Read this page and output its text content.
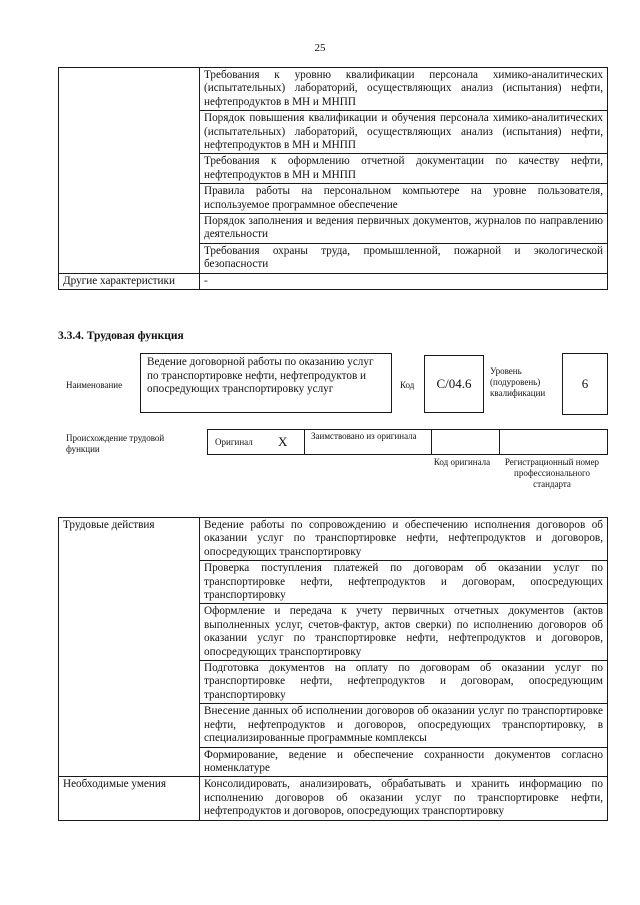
25
	Требования к уровню квалификации персонала химико-аналитических (испытательных) лабораторий, осуществляющих анализ (испытания) нефти, нефтепродуктов в МН и МНПП
	Порядок повышения квалификации и обучения персонала химико-аналитических (испытательных) лабораторий, осуществляющих анализ (испытания) нефти, нефтепродуктов в МН и МНПП
	Требования к оформлению отчетной документации по качеству нефти, нефтепродуктов в МН и МНПП
	Правила работы на персональном компьютере на уровне пользователя, используемое программное обеспечение
	Порядок заполнения и ведения первичных документов, журналов по направлению деятельности
	Требования охраны труда, промышленной, пожарной и экологической безопасности
Другие характеристики	-
3.3.4. Трудовая функция
Наименование
Ведение договорной работы по оказанию услуг по транспортировке нефти, нефтепродуктов и опосредующих транспортировку услуг	Код C/04.6
Уровень (подуровень) квалификации
6
Происхождение трудовой функции
Оригинал X	Заимствовано из оригинала
Код оригинала	Регистрационный номер профессионального стандарта
Трудовые действия	Ведение работы по сопровождению и обеспечению исполнения договоров об оказании услуг по транспортировке нефти, нефтепродуктов и договоров, опосредующих транспортировку
	Проверка поступления платежей по договорам об оказании услуг по транспортировке нефти, нефтепродуктов и договорам, опосредующих транспортировку
	Оформление и передача к учету первичных отчетных документов (актов выполненных услуг, счетов-фактур, актов сверки) по исполнению договоров об оказании услуг по транспортировке нефти, нефтепродуктов и договоров, опосредующих транспортировку
	Подготовка документов на оплату по договорам об оказании услуг по транспортировке нефти, нефтепродуктов и договорам, опосредующим транспортировку
	Внесение данных об исполнении договоров об оказании услуг по транспортировке нефти, нефтепродуктов и договоров, опосредующих транспортировку, в специализированные программные комплексы
	Формирование, ведение и обеспечение сохранности документов согласно номенклатуре
Необходимые умения	Консолидировать, анализировать, обрабатывать и хранить информацию по исполнению договоров об оказании услуг по транспортировке нефти, нефтепродуктов и договоров, опосредующих транспортировку
